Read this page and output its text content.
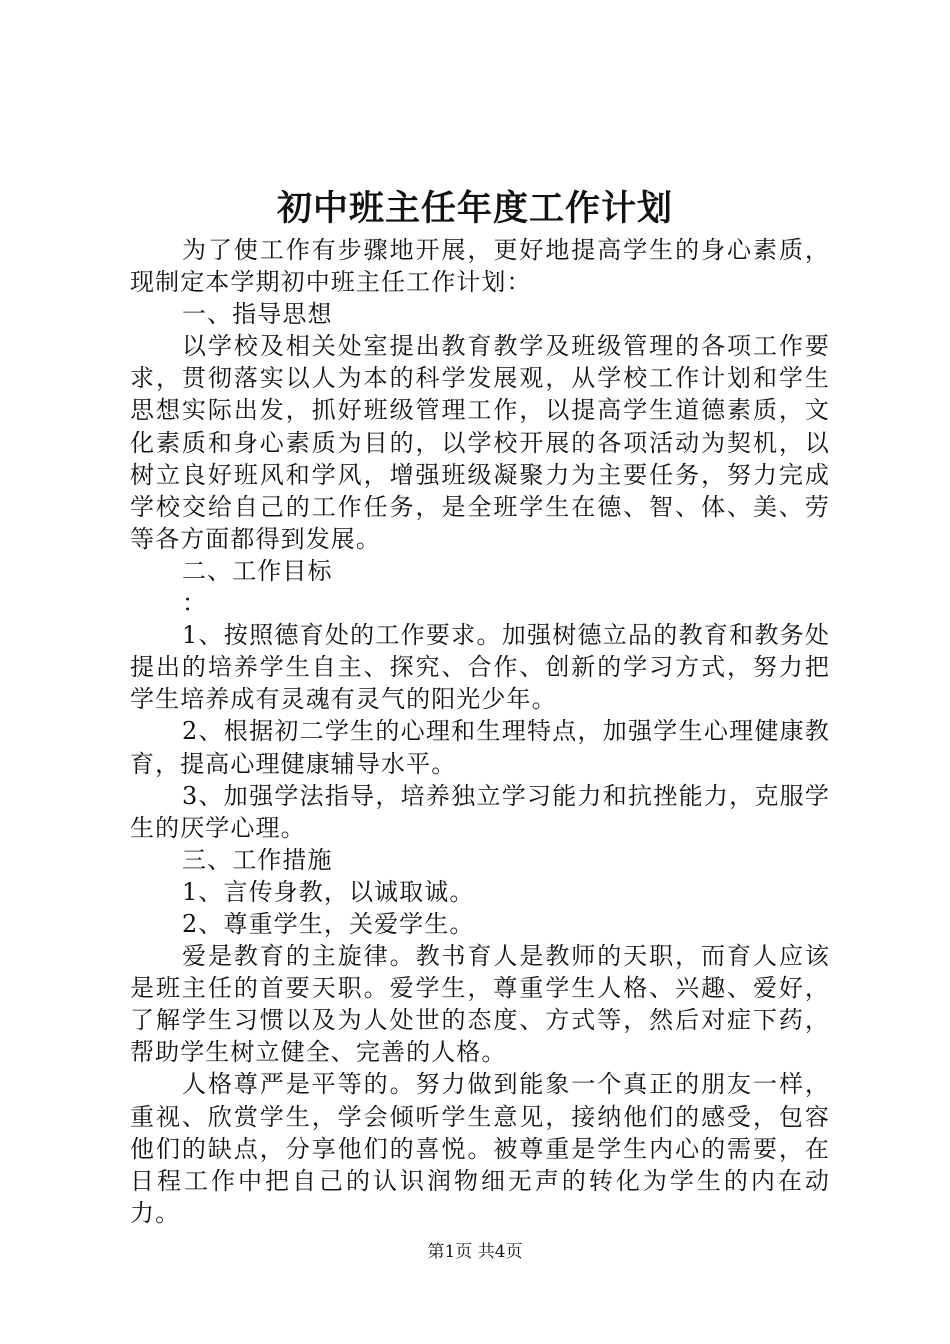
初中班主任年度工作计划

为了使工作有步骤地开展，更好地提高学生的身心素质，现制定本学期初中班主任工作计划：

一、指导思想

以学校及相关处室提出教育教学及班级管理的各项工作要求，贯彻落实以人为本的科学发展观，从学校工作计划和学生思想实际出发，抓好班级管理工作，以提高学生道德素质，文化素质和身心素质为目的，以学校开展的各项活动为契机，以树立良好班风和学风，增强班级凝聚力为主要任务，努力完成学校交给自己的工作任务，是全班学生在德、智、体、美、劳等各方面都得到发展。

二、工作目标

：

1、按照德育处的工作要求。加强树德立品的教育和教务处提出的培养学生自主、探究、合作、创新的学习方式，努力把学生培养成有灵魂有灵气的阳光少年。

2、根据初二学生的心理和生理特点，加强学生心理健康教育，提高心理健康辅导水平。

3、加强学法指导，培养独立学习能力和抗挫能力，克服学生的厌学心理。

三、工作措施

1、言传身教，以诚取诚。

2、尊重学生，关爱学生。

爱是教育的主旋律。教书育人是教师的天职，而育人应该是班主任的首要天职。爱学生，尊重学生人格、兴趣、爱好，了解学生习惯以及为人处世的态度、方式等，然后对症下药，帮助学生树立健全、完善的人格。

人格尊严是平等的。努力做到能象一个真正的朋友一样，重视、欣赏学生，学会倾听学生意见，接纳他们的感受，包容他们的缺点，分享他们的喜悦。被尊重是学生内心的需要，在日程工作中把自己的认识润物细无声的转化为学生的内在动力。

第1页 共4页
